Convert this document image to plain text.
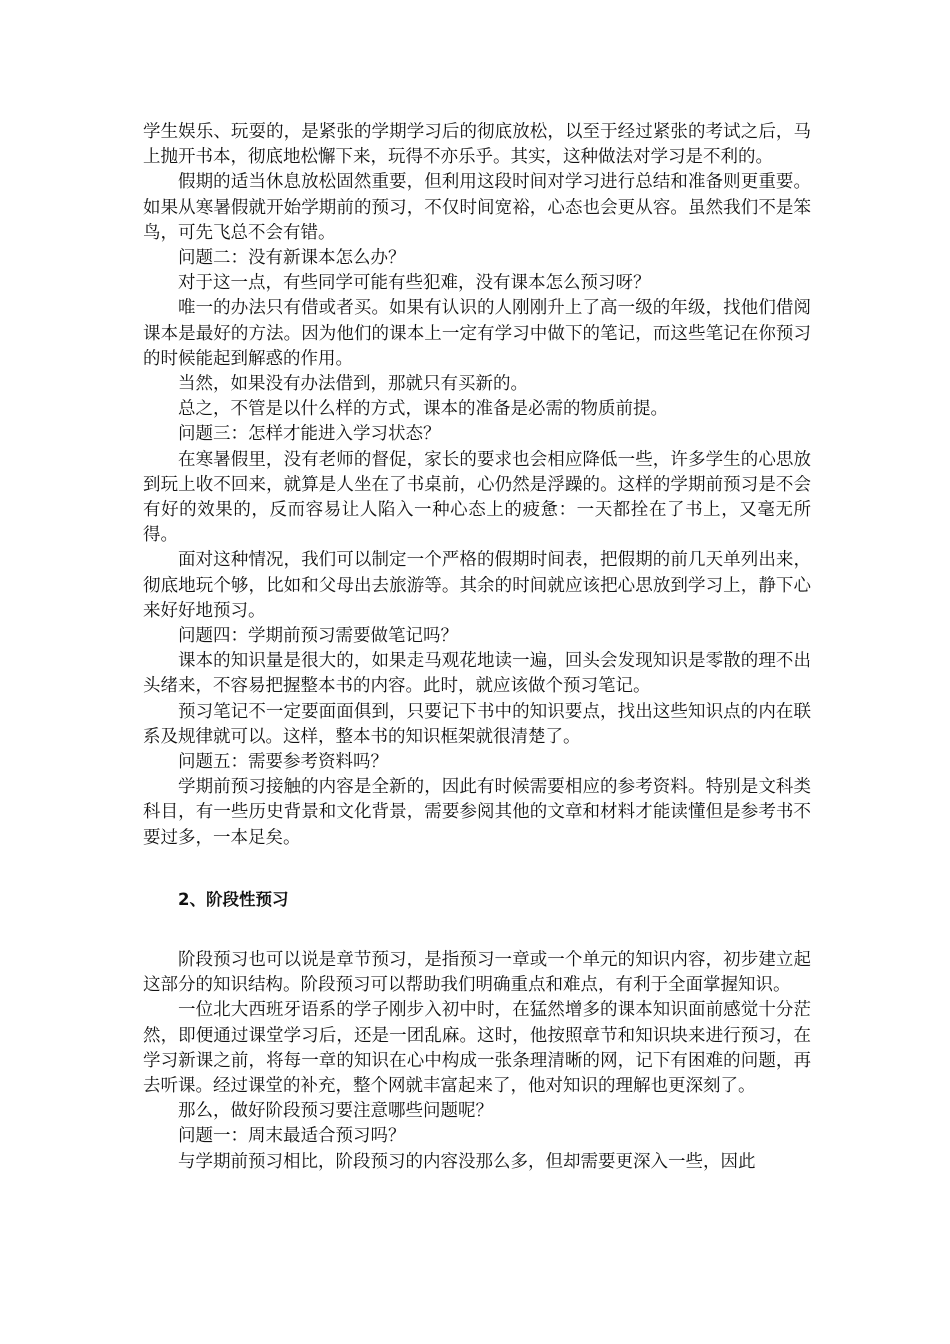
学生娱乐、玩耍的，是紧张的学期学习后的彻底放松，以至于经过紧张的考试之后，马上抛开书本，彻底地松懈下来，玩得不亦乐乎。其实，这种做法对学习是不利的。

假期的适当休息放松固然重要，但利用这段时间对学习进行总结和准备则更重要。如果从寒暑假就开始学期前的预习，不仅时间宽裕，心态也会更从容。虽然我们不是笨鸟，可先飞总不会有错。

问题二：没有新课本怎么办？

对于这一点，有些同学可能有些犯难，没有课本怎么预习呀？

唯一的办法只有借或者买。如果有认识的人刚刚升上了高一级的年级，找他们借阅课本是最好的方法。因为他们的课本上一定有学习中做下的笔记，而这些笔记在你预习的时候能起到解惑的作用。

当然，如果没有办法借到，那就只有买新的。

总之，不管是以什么样的方式，课本的准备是必需的物质前提。

问题三：怎样才能进入学习状态？

在寒暑假里，没有老师的督促，家长的要求也会相应降低一些，许多学生的心思放到玩上收不回来，就算是人坐在了书桌前，心仍然是浮躁的。这样的学期前预习是不会有好的效果的，反而容易让人陷入一种心态上的疲惫：一天都拴在了书上，又毫无所得。

面对这种情况，我们可以制定一个严格的假期时间表，把假期的前几天单列出来，彻底地玩个够，比如和父母出去旅游等。其余的时间就应该把心思放到学习上，静下心来好好地预习。

问题四：学期前预习需要做笔记吗？

课本的知识量是很大的，如果走马观花地读一遍，回头会发现知识是零散的理不出头绪来，不容易把握整本书的内容。此时，就应该做个预习笔记。

预习笔记不一定要面面俱到，只要记下书中的知识要点，找出这些知识点的内在联系及规律就可以。这样，整本书的知识框架就很清楚了。

问题五：需要参考资料吗？

学期前预习接触的内容是全新的，因此有时候需要相应的参考资料。特别是文科类科目，有一些历史背景和文化背景，需要参阅其他的文章和材料才能读懂但是参考书不要过多，一本足矣。

2、阶段性预习

阶段预习也可以说是章节预习，是指预习一章或一个单元的知识内容，初步建立起这部分的知识结构。阶段预习可以帮助我们明确重点和难点，有利于全面掌握知识。

一位北大西班牙语系的学子刚步入初中时，在猛然增多的课本知识面前感觉十分茫然，即便通过课堂学习后，还是一团乱麻。这时，他按照章节和知识块来进行预习，在学习新课之前，将每一章的知识在心中构成一张条理清晰的网，记下有困难的问题，再去听课。经过课堂的补充，整个网就丰富起来了，他对知识的理解也更深刻了。

那么，做好阶段预习要注意哪些问题呢？

问题一：周末最适合预习吗？

与学期前预习相比，阶段预习的内容没那么多，但却需要更深入一些，因此
